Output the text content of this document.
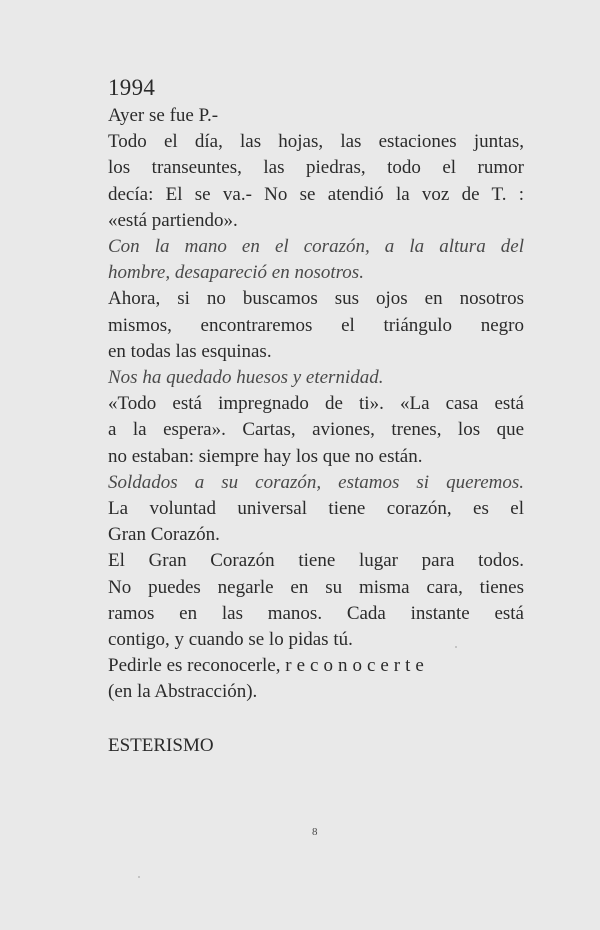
1994
Ayer se fue P.-
Todo el día, las hojas, las estaciones juntas,
los transeuntes, las piedras, todo el rumor
decía: El se va.- No se atendió la voz de T. :
«está partiendo».
Con la mano en el corazón, a la altura del
hombre, desapareció en nosotros.
Ahora, si no buscamos sus ojos en nosotros
mismos, encontraremos el triángulo negro
en todas las esquinas.
Nos ha quedado huesos y eternidad.
«Todo está impregnado de ti». «La casa está
a la espera». Cartas, aviones, trenes, los que
no estaban: siempre hay los que no están.
Soldados a su corazón, estamos si queremos.
La voluntad universal tiene corazón, es el
Gran Corazón.
El Gran Corazón tiene lugar para todos.
No puedes negarle en su misma cara, tienes
ramos en las manos. Cada instante está
contigo, y cuando se lo pidas tú.
Pedirle es reconocerle, reconocerte
(en la Abstracción).
ESTERISMO
8
